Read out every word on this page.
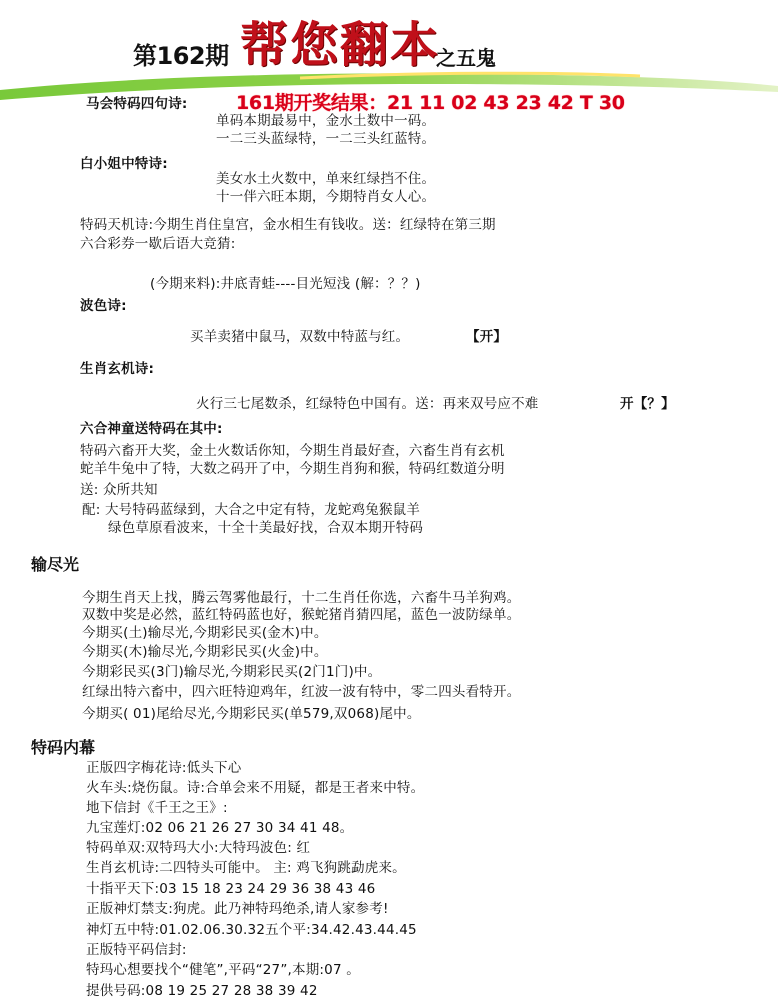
第162期 帮您翻本
之五鬼
161期开奖结果：21 11 02 43 23 42 T 30
马会特码四句诗:
单码本期最易中，金水土数中一码。
一二三头蓝绿特，一二三头红蓝特。
白小姐中特诗:
美女水土火数中，单来红绿挡不住。
十一伴六旺本期，今期特肖女人心。
特码天机诗:今期生肖住皇宫，金水相生有钱收。送：红绿特在第三期
六合彩券一歇后语大竞猜:
(今期来料):井底青蛙----目光短浅 (解：？？)
波色诗:
买羊卖猪中鼠马，双数中特蓝与红。	【开】
生肖玄机诗:
火行三七尾数杀，红绿特色中国有。送：再来双号应不难	开【？】
六合神童送特码在其中:
特码六畜开大奖，金土火数话你知，今期生肖最好查，六畜生肖有玄机
蛇羊牛兔中了特，大数之码开了中，今期生肖狗和猴，特码红数道分明
送: 众所共知
配: 大号特码蓝绿到，大合之中定有特，龙蛇鸡兔猴鼠羊
绿色草原看波来，十全十美最好找，合双本期开特码
输尽光
今期生肖天上找，腾云驾雾他最行，十二生肖任你选，六畜牛马羊狗鸡。
双数中奖是必然，蓝红特码蓝也好，猴蛇猪肖猜四尾，蓝色一波防绿单。
今期买(土)输尽光,今期彩民买(金木)中。
今期买(木)输尽光,今期彩民买(火金)中。
今期彩民买(3门)输尽光,今期彩民买(2门1门)中。
红绿出特六畜中，四六旺特迎鸡年，红波一波有特中，零二四头看特开。
今期买( 01)尾给尽光,今期彩民买(单579,双068)尾中。
特码内幕
正版四字梅花诗:低头下心
火车头:烧伤鼠。诗:合单会来不用疑，都是王者来中特。
地下信封《千王之王》:
九宝莲灯:02 06 21 26 27 30 34 41 48。
特码单双:双特玛大小:大特玛波色: 红
生肖玄机诗:二四特头可能中。 主: 鸡飞狗跳勐虎来。
十指平天下:03 15 18 23 24 29 36 38 43 46
正版神灯禁支:狗虎。此乃神特玛绝杀,请人家参考!
神灯五中特:01.02.06.30.32五个平:34.42.43.44.45
正版特平码信封:
特玛心想要找个“健笔”,平码“27”,本期:07 。
提供号码:08 19 25 27 28 38 39 42
